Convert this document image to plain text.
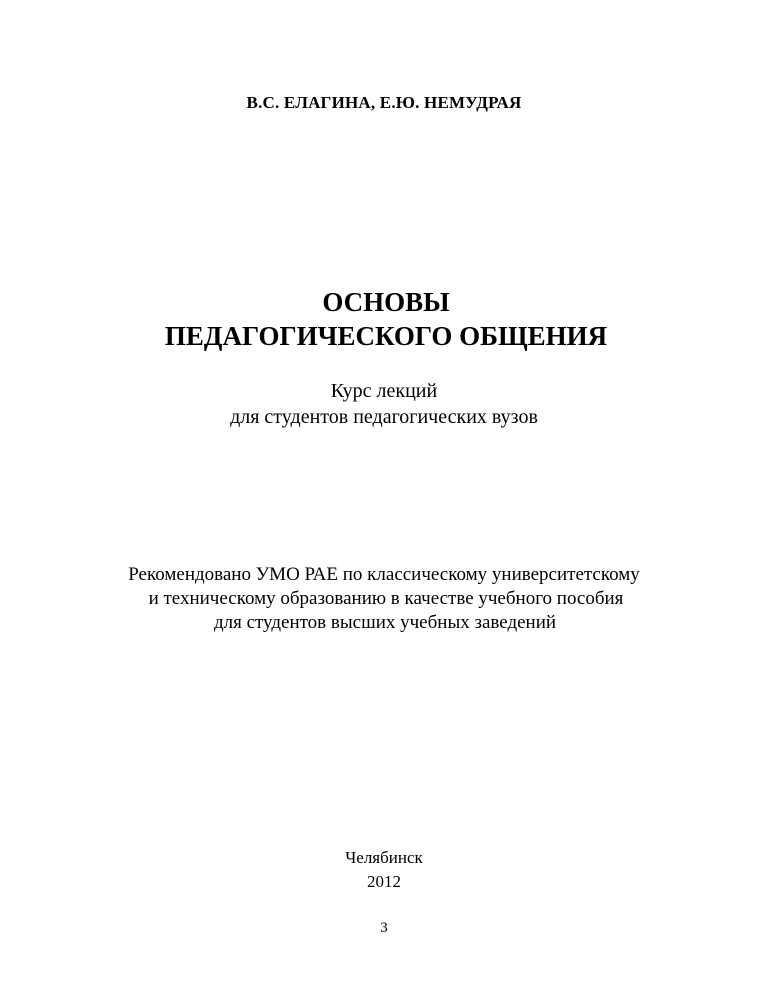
В.С. ЕЛАГИНА, Е.Ю. НЕМУДРАЯ
ОСНОВЫ
ПЕДАГОГИЧЕСКОГО ОБЩЕНИЯ
Курс лекций
для студентов педагогических вузов
Рекомендовано УМО РАЕ по классическому университетскому
и техническому образованию в качестве учебного пособия
для студентов высших учебных заведений
Челябинск
2012
3
